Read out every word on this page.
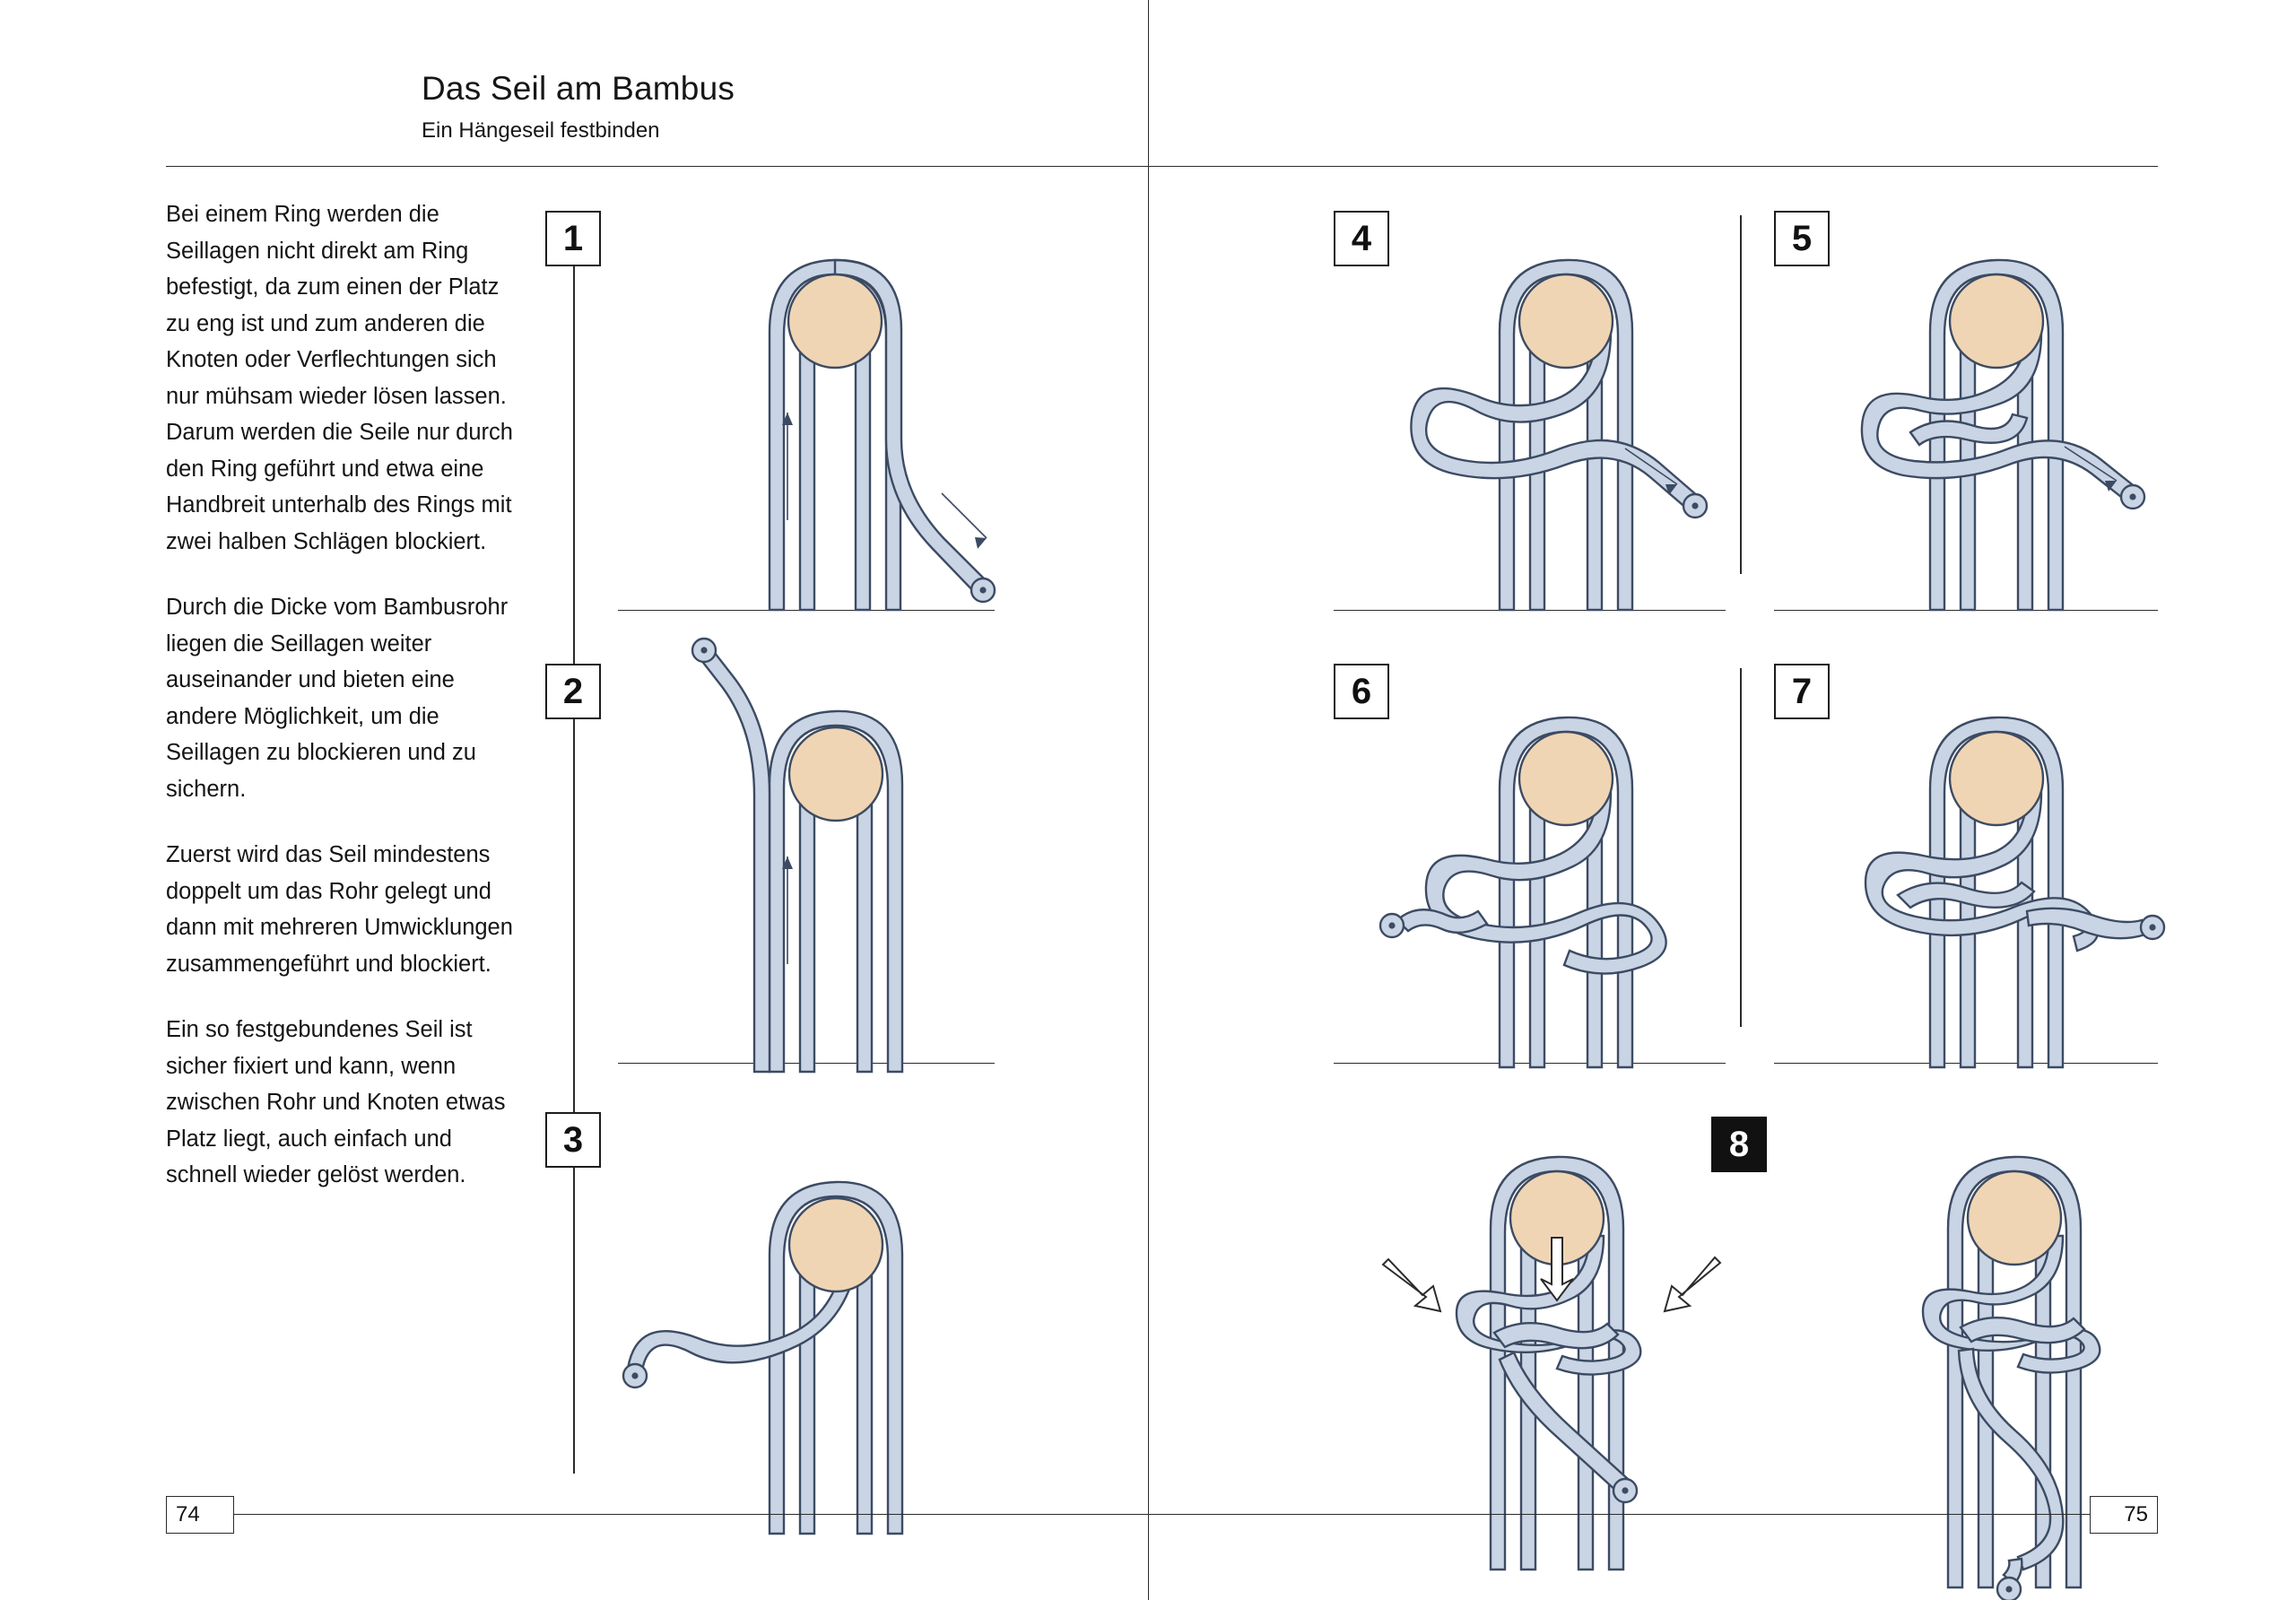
Das Seil am Bambus
Ein Hängeseil festbinden

Bei einem Ring werden die Seillagen nicht direkt am Ring befestigt, da zum einen der Platz zu eng ist und zum anderen die Knoten oder Verflechtungen sich nur mühsam wieder lösen lassen. Darum werden die Seile nur durch den Ring geführt und etwa eine Handbreit unterhalb des Rings mit zwei halben Schlägen blockiert.

Durch die Dicke vom Bambusrohr liegen die Seillagen weiter auseinander und bieten eine andere Möglichkeit, um die Seillagen zu blockieren und zu sichern.

Zuerst wird das Seil mindestens doppelt um das Rohr gelegt und dann mit mehreren Umwicklungen zusammengeführt und blockiert.

Ein so festgebundenes Seil ist sicher fixiert und kann, wenn zwischen Rohr und Knoten etwas Platz liegt, auch einfach und schnell wieder gelöst werden.

1
2
3
4	5
6	7
8
74	75
